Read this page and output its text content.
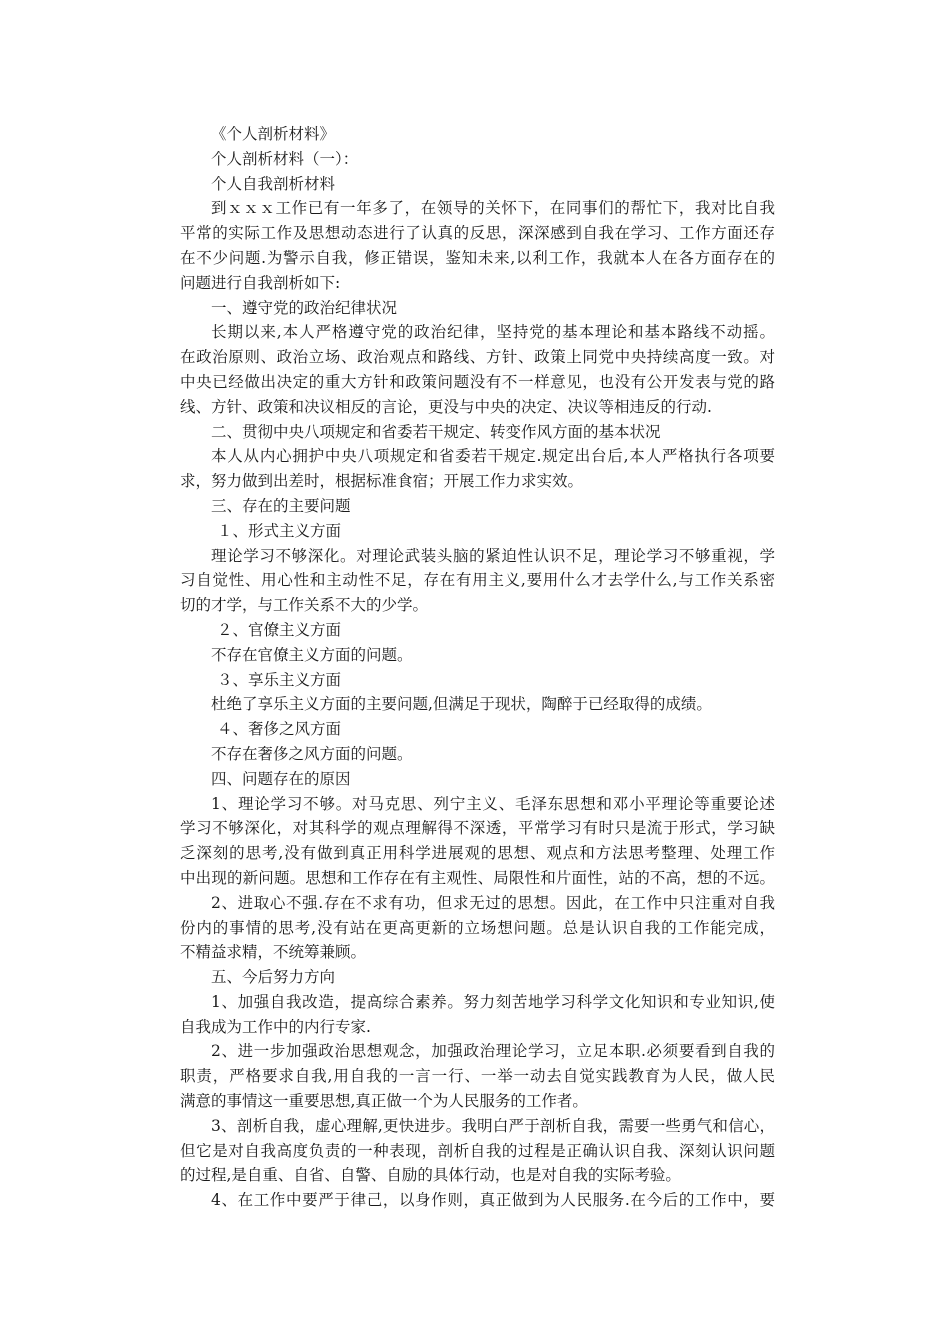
《个人剖析材料》

个人剖析材料（一）：

个人自我剖析材料

到ｘｘｘ工作已有一年多了，在领导的关怀下，在同事们的帮忙下，我对比自我

平常的实际工作及思想动态进行了认真的反思，深深感到自我在学习、工作方面还存

在不少问题.为警示自我，修正错误，鉴知未来,以利工作，我就本人在各方面存在的

问题进行自我剖析如下:

一、遵守党的政治纪律状况

长期以来,本人严格遵守党的政治纪律，坚持党的基本理论和基本路线不动摇。

在政治原则、政治立场、政治观点和路线、方针、政策上同党中央持续高度一致。对

中央已经做出决定的重大方针和政策问题没有不一样意见，也没有公开发表与党的路

线、方针、政策和决议相反的言论，更没与中央的决定、决议等相违反的行动.

二、贯彻中央八项规定和省委若干规定、转变作风方面的基本状况

本人从内心拥护中央八项规定和省委若干规定.规定出台后,本人严格执行各项要

求，努力做到出差时，根据标准食宿；开展工作力求实效。

三、存在的主要问题

１、形式主义方面

理论学习不够深化。对理论武装头脑的紧迫性认识不足，理论学习不够重视，学

习自觉性、用心性和主动性不足，存在有用主义,要用什么才去学什么,与工作关系密

切的才学，与工作关系不大的少学。

２、官僚主义方面

不存在官僚主义方面的问题。

３、享乐主义方面

杜绝了享乐主义方面的主要问题,但满足于现状，陶醉于已经取得的成绩。

４、奢侈之风方面

不存在奢侈之风方面的问题。

四、问题存在的原因

1、理论学习不够。对马克思、列宁主义、毛泽东思想和邓小平理论等重要论述

学习不够深化，对其科学的观点理解得不深透，平常学习有时只是流于形式，学习缺

乏深刻的思考,没有做到真正用科学进展观的思想、观点和方法思考整理、处理工作

中出现的新问题。思想和工作存在有主观性、局限性和片面性，站的不高，想的不远。

2、进取心不强.存在不求有功，但求无过的思想。因此，在工作中只注重对自我

份内的事情的思考,没有站在更高更新的立场想问题。总是认识自我的工作能完成，

不精益求精，不统筹兼顾。

五、今后努力方向

1、加强自我改造，提高综合素养。努力刻苦地学习科学文化知识和专业知识,使

自我成为工作中的内行专家.

2、进一步加强政治思想观念，加强政治理论学习，立足本职.必须要看到自我的

职责，严格要求自我,用自我的一言一行、一举一动去自觉实践教育为人民，做人民

满意的事情这一重要思想,真正做一个为人民服务的工作者。

3、剖析自我，虚心理解,更快进步。我明白严于剖析自我，需要一些勇气和信心，

但它是对自我高度负责的一种表现，剖析自我的过程是正确认识自我、深刻认识问题

的过程,是自重、自省、自警、自励的具体行动，也是对自我的实际考验。

4、在工作中要严于律己，以身作则，真正做到为人民服务.在今后的工作中，要
